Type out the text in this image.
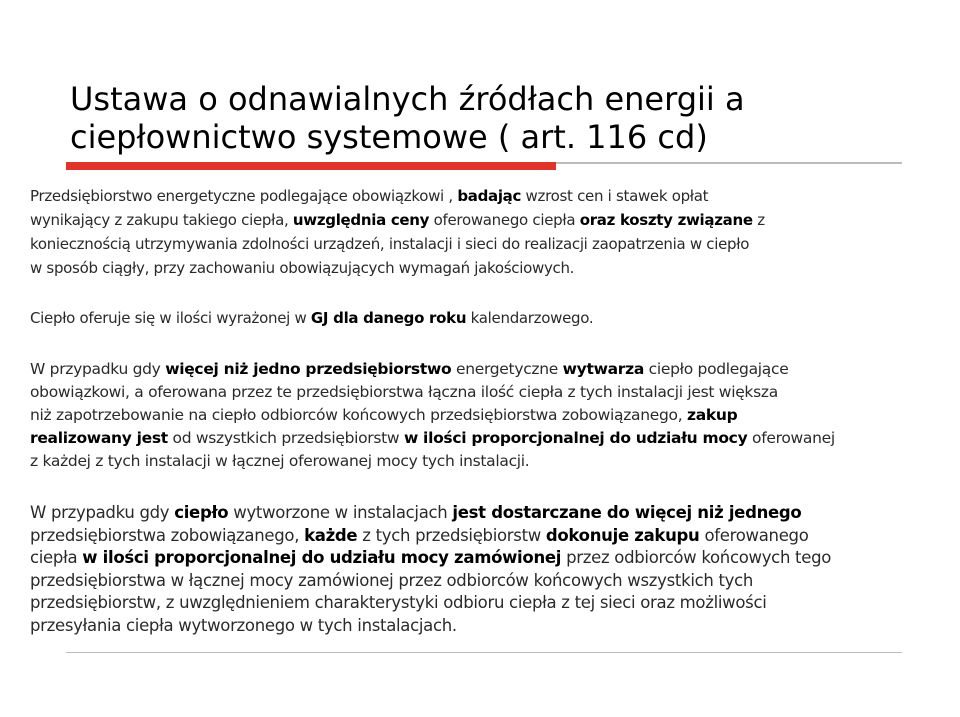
Ustawa o odnawialnych źródłach energii a
ciepłownictwo systemowe ( art. 116 cd)

Przedsiębiorstwo energetyczne podlegające obowiązkowi , badając wzrost cen i stawek opłat
wynikający z zakupu takiego ciepła, uwzględnia ceny oferowanego ciepła oraz koszty związane z
koniecznością utrzymywania zdolności urządzeń, instalacji i sieci do realizacji zaopatrzenia w ciepło
w sposób ciągły, przy zachowaniu obowiązujących wymagań jakościowych.

Ciepło oferuje się w ilości wyrażonej w GJ dla danego roku kalendarzowego.

W przypadku gdy więcej niż jedno przedsiębiorstwo energetyczne wytwarza ciepło podlegające
obowiązkowi, a oferowana przez te przedsiębiorstwa łączna ilość ciepła z tych instalacji jest większa
niż zapotrzebowanie na ciepło odbiorców końcowych przedsiębiorstwa zobowiązanego, zakup
realizowany jest od wszystkich przedsiębiorstw w ilości proporcjonalnej do udziału mocy oferowanej
z każdej z tych instalacji w łącznej oferowanej mocy tych instalacji.

W przypadku gdy ciepło wytworzone w instalacjach jest dostarczane do więcej niż jednego
przedsiębiorstwa zobowiązanego, każde z tych przedsiębiorstw dokonuje zakupu oferowanego
ciepła w ilości proporcjonalnej do udziału mocy zamówionej przez odbiorców końcowych tego
przedsiębiorstwa w łącznej mocy zamówionej przez odbiorców końcowych wszystkich tych
przedsiębiorstw, z uwzględnieniem charakterystyki odbioru ciepła z tej sieci oraz możliwości
przesyłania ciepła wytworzonego w tych instalacjach.
